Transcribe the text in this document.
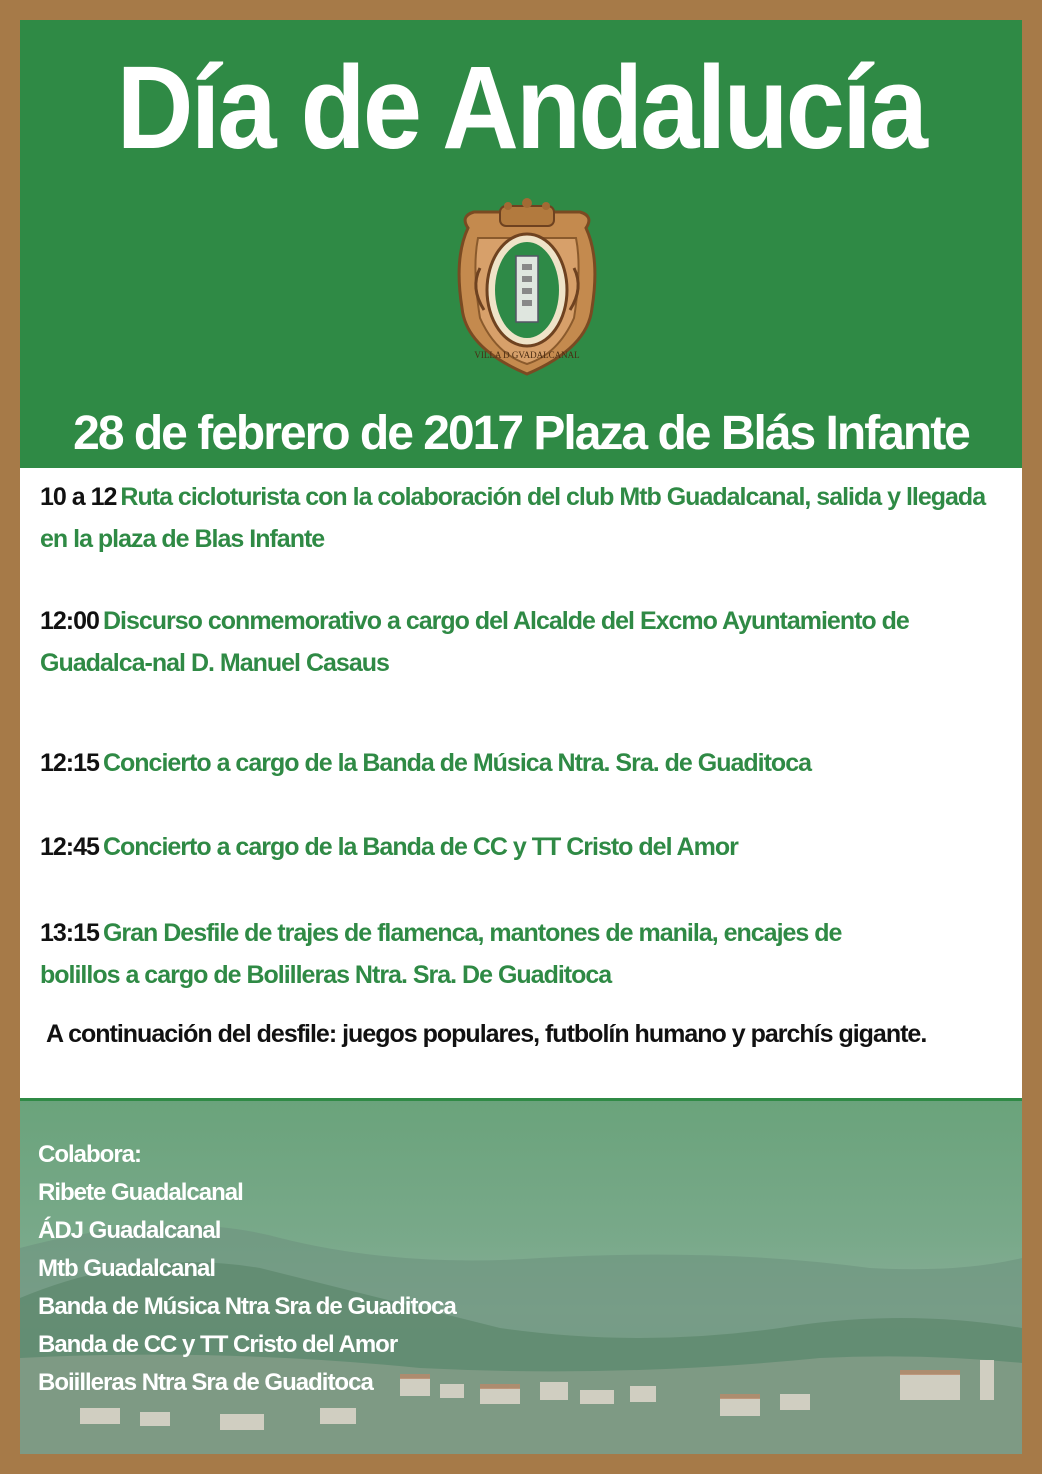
Día de Andalucía
VILLA D GVADALCANAL
28 de febrero de 2017 Plaza de Blás Infante
10 a 12 Ruta cicloturista con la colaboración del club Mtb Guadalcanal, salida y llegada en la plaza de Blas Infante
12:00 Discurso conmemorativo a cargo del Alcalde del Excmo Ayuntamiento de Guadalca-nal D. Manuel Casaus
12:15 Concierto a cargo de la Banda de Música Ntra. Sra. de Guaditoca
12:45 Concierto a cargo de la Banda de CC y TT Cristo del Amor
13:15 Gran Desfile de trajes de flamenca, mantones de manila, encajes de bolillos a cargo de Bolilleras Ntra. Sra. De Guaditoca
A continuación del desfile: juegos populares, futbolín humano y parchís gigante.
Colabora:
Ribete Guadalcanal
ÁDJ Guadalcanal
Mtb Guadalcanal
Banda de Música Ntra Sra de Guaditoca
Banda de CC y TT Cristo del Amor
Boiilleras Ntra Sra de Guaditoca
